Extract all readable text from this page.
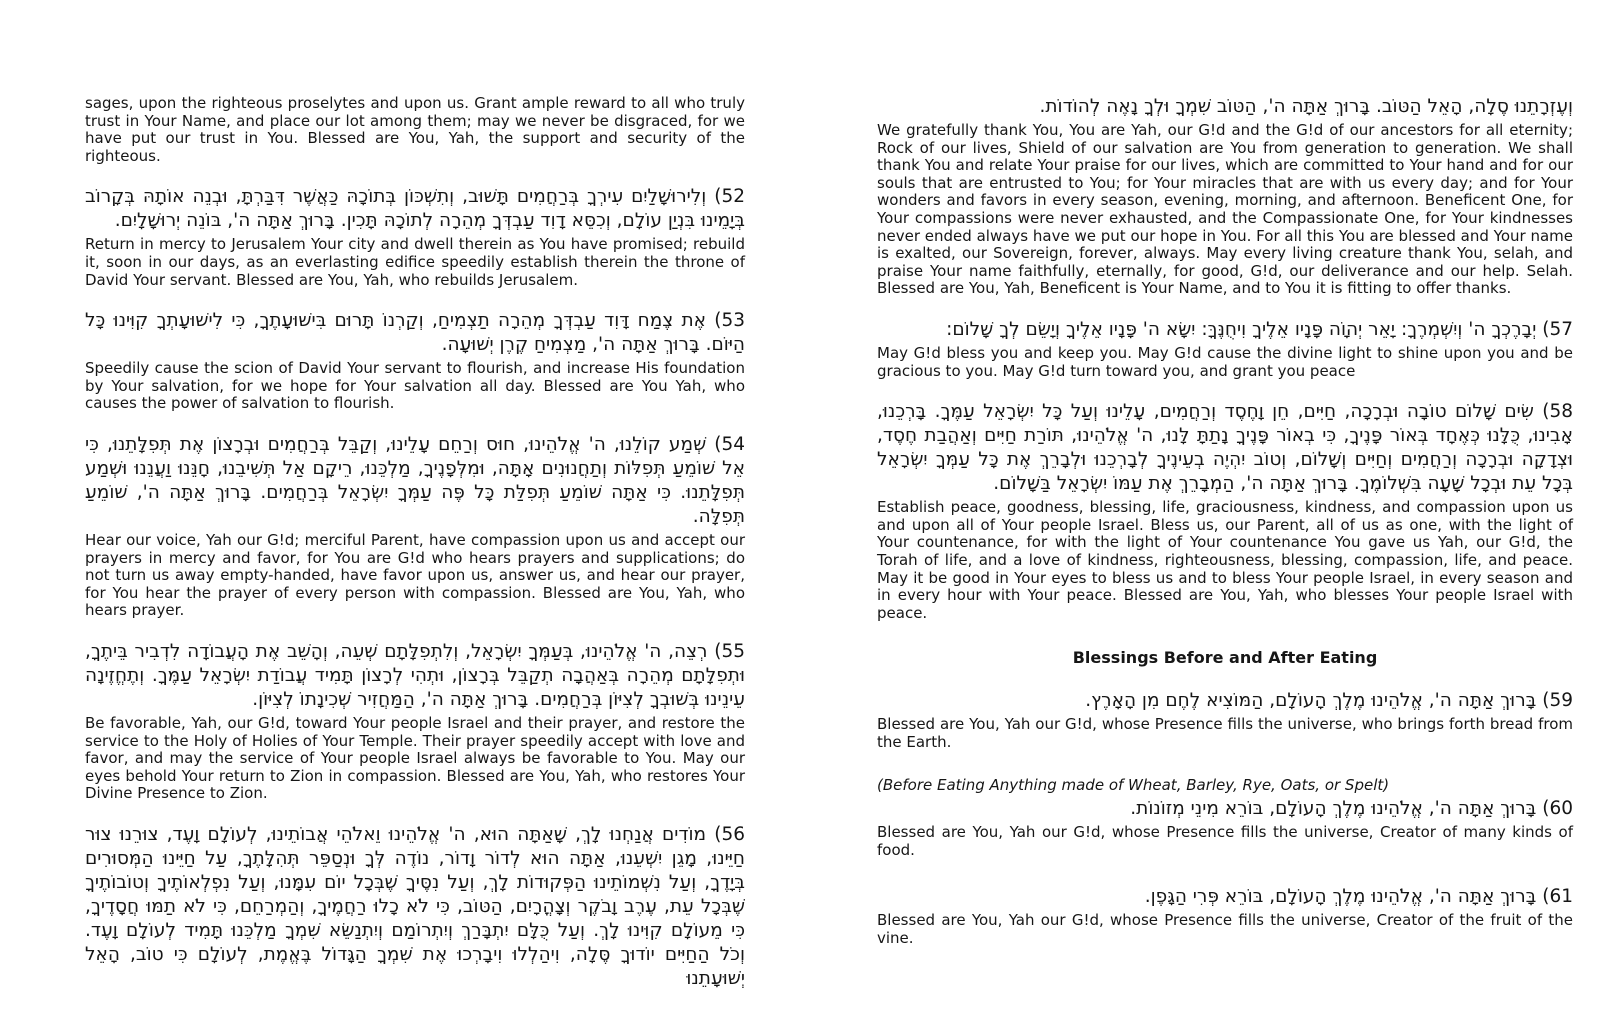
sages, upon the righteous proselytes and upon us. Grant ample reward to all who truly trust in Your Name, and place our lot among them; may we never be disgraced, for we have put our trust in You. Blessed are You, Yah, the support and security of the righteous.

52) וְלִירוּשָׁלַיִם עִירְךָ בְּרַחֲמִים תָּשׁוּב, וְתִשְׁכּוֹן בְּתוֹכָהּ כַּאֲשֶׁר דִּבַּרְתָּ, וּבְנֵה אוֹתָהּ בְּקָרוֹב בְּיָמֵינוּ בִּנְיַן עוֹלָם, וְכִסֵּא דָוִד עַבְדְּךָ מְהֵרָה לְתוֹכָהּ תָּכִין. בָּרוּךְ אַתָּה ה', בּוֹנֵה יְרוּשָׁלָיִם.

Return in mercy to Jerusalem Your city and dwell therein as You have promised; rebuild it, soon in our days, as an everlasting edifice speedily establish therein the throne of David Your servant. Blessed are You, Yah, who rebuilds Jerusalem.

53) אֶת צֶמַח דָּוִד עַבְדְּךָ מְהֵרָה תַצְמִיחַ, וְקַרְנוֹ תָּרוּם בִּישׁוּעָתֶךָ, כִּי לִישׁוּעָתְךָ קִוִּינוּ כָּל הַיּוֹם. בָּרוּךְ אַתָּה ה', מַצְמִיחַ קֶרֶן יְשׁוּעָה.

Speedily cause the scion of David Your servant to flourish, and increase His foundation by Your salvation, for we hope for Your salvation all day. Blessed are You Yah, who causes the power of salvation to flourish.

54) שְׁמַע קוֹלֵנוּ, ה' אֱלֹהֵינוּ, חוּס וְרַחֵם עָלֵינוּ, וְקַבֵּל בְּרַחֲמִים וּבְרָצוֹן אֶת תְּפִלָּתֵנוּ, כִּי אֵל שׁוֹמֵעַ תְּפִלּוֹת וְתַחֲנוּנִים אָתָּה, וּמִלְּפָנֶיךָ, מַלְכֵּנוּ, רֵיקָם אַל תְּשִׁיבֵנוּ, חָנֵּנוּ וַעֲנֵנוּ וּשְׁמַע תְּפִלָּתֵנוּ. כִּי אַתָּה שׁוֹמֵעַ תְּפִלַּת כָּל פֶּה עַמְּךָ יִשְׂרָאֵל בְּרַחֲמִים. בָּרוּךְ אַתָּה ה', שׁוֹמֵעַ תְּפִלָּה.

Hear our voice, Yah our G!d; merciful Parent, have compassion upon us and accept our prayers in mercy and favor, for You are G!d who hears prayers and supplications; do not turn us away empty-handed, have favor upon us, answer us, and hear our prayer, for You hear the prayer of every person with compassion. Blessed are You, Yah, who hears prayer.

55) רְצֵה, ה' אֱלֹהֵינוּ, בְּעַמְּךָ יִשְׂרָאֵל, וְלִתְפִלָּתָם שְׁעֵה, וְהָשֵׁב אֶת הָעֲבוֹדָה לִדְבִיר בֵּיתֶךָ, וּתְפִלָּתָם מְהֵרָה בְּאַהֲבָה תְקַבֵּל בְּרָצוֹן, וּתְהִי לְרָצוֹן תָּמִיד עֲבוֹדַת יִשְׂרָאֵל עַמֶּךָ. וְתֶחֱזֶינָה עֵינֵינוּ בְּשׁוּבְךָ לְצִיּוֹן בְּרַחֲמִים. בָּרוּךְ אַתָּה ה', הַמַּחֲזִיר שְׁכִינָתוֹ לְצִיּוֹן.

Be favorable, Yah, our G!d, toward Your people Israel and their prayer, and restore the service to the Holy of Holies of Your Temple. Their prayer speedily accept with love and favor, and may the service of Your people Israel always be favorable to You. May our eyes behold Your return to Zion in compassion. Blessed are You, Yah, who restores Your Divine Presence to Zion.

56) מוֹדִים אֲנַחְנוּ לָךְ, שָׁאַתָּה הוּא, ה' אֱלֹהֵינוּ וֵאלֹהֵי אֲבוֹתֵינוּ, לְעוֹלָם וָעֶד, צוּרֵנוּ צוּר חַיֵּינוּ, מָגֵן יִשְׁעֵנוּ, אַתָּה הוּא לְדוֹר וָדוֹר, נוֹדֶה לְּךָ וּנְסַפֵּר תְּהִלָּתֶךָ, עַל חַיֵּינוּ הַמְּסוּרִים בְּיָדֶךָ, וְעַל נִשְׁמוֹתֵינוּ הַפְּקוּדוֹת לָךְ, וְעַל נִסֶּיךָ שֶׁבְּכָל יוֹם עִמָּנוּ, וְעַל נִפְלְאוֹתֶיךָ וְטוֹבוֹתֶיךָ שֶׁבְּכָל עֵת, עֶרֶב וָבֹקֶר וְצָהֳרָיִם, הַטּוֹב, כִּי לֹא כָלוּ רַחֲמֶיךָ, וְהַמְרַחֵם, כִּי לֹא תַמּוּ חֲסָדֶיךָ, כִּי מֵעוֹלָם קִוִּינוּ לָךְ. וְעַל כֻּלָּם יִתְבָּרַךְ וְיִתְרוֹמַם וְיִתְנַשֵּׂא שִׁמְךָ מַלְכֵּנוּ תָּמִיד לְעוֹלָם וָעֶד. וְכֹל הַחַיִּים יוֹדוּךָ סֶּלָה, וִיהַלְלוּ וִיבָרְכוּ אֶת שִׁמְךָ הַגָּדוֹל בֶּאֱמֶת, לְעוֹלָם כִּי טוֹב, הָאֵל יְשׁוּעָתֵנוּ

וְעֶזְרָתֵנוּ סֶלָה, הָאֵל הַטּוֹב. בָּרוּךְ אַתָּה ה', הַטּוֹב שִׁמְךָ וּלְךָ נָאֶה לְהוֹדוֹת.

We gratefully thank You, You are Yah, our G!d and the G!d of our ancestors for all eternity; Rock of our lives, Shield of our salvation are You from generation to generation. We shall thank You and relate Your praise for our lives, which are committed to Your hand and for our souls that are entrusted to You; for Your miracles that are with us every day; and for Your wonders and favors in every season, evening, morning, and afternoon. Beneficent One, for Your compassions were never exhausted, and the Compassionate One, for Your kindnesses never ended always have we put our hope in You. For all this You are blessed and Your name is exalted, our Sovereign, forever, always. May every living creature thank You, selah, and praise Your name faithfully, eternally, for good, G!d, our deliverance and our help. Selah. Blessed are You, Yah, Beneficent is Your Name, and to You it is fitting to offer thanks.

57) יְבָרֶכְךָ ה' וְיִשְׁמְרֶךָ: יָאֵר יְהוָֹה פָּנָיו אֵלֶיךָ וִיחֻנֶּךָּ: יִשָּׂא ה' פָּנָיו אֵלֶיךָ וְיָשֵׂם לְךָ שָׁלוֹם:

May G!d bless you and keep you. May G!d cause the divine light to shine upon you and be gracious to you. May G!d turn toward you, and grant you peace

58) שִׂים שָׁלוֹם טוֹבָה וּבְרָכָה, חַיִּים, חֵן וָחֶסֶד וְרַחֲמִים, עָלֵינוּ וְעַל כָּל יִשְׂרָאֵל עַמֶּךָ. בָּרְכֵנוּ, אָבִינוּ, כֻּלָּנוּ כְּאֶחָד בְּאוֹר פָּנֶיךָ, כִּי בְאוֹר פָּנֶיךָ נָתַתָּ לָּנוּ, ה' אֱלֹהֵינוּ, תּוֹרַת חַיִּים וְאַהֲבַת חֶסֶד, וּצְדָקָה וּבְרָכָה וְרַחֲמִים וְחַיִּים וְשָׁלוֹם, וְטוֹב יִהְיֶה בְעֵינֶיךָ לְבָרְכֵנוּ וּלְבָרֵךְ אֶת כָּל עַמְּךָ יִשְׂרָאֵל בְּכָל עֵת וּבְכָל שָׁעָה בִּשְׁלוֹמֶךָ. בָּרוּךְ אַתָּה ה', הַמְבָרֵךְ אֶת עַמּוֹ יִשְׂרָאֵל בַּשָּׁלוֹם.

Establish peace, goodness, blessing, life, graciousness, kindness, and compassion upon us and upon all of Your people Israel. Bless us, our Parent, all of us as one, with the light of Your countenance, for with the light of Your countenance You gave us Yah, our G!d, the Torah of life, and a love of kindness, righteousness, blessing, compassion, life, and peace. May it be good in Your eyes to bless us and to bless Your people Israel, in every season and in every hour with Your peace. Blessed are You, Yah, who blesses Your people Israel with peace.

Blessings Before and After Eating

59) בָּרוּךְ אַתָּה ה', אֱלֹהֵינוּ מֶלֶךְ הָעוֹלָם, הַמּוֹצִיא לֶחֶם מִן הָאָרֶץ.

Blessed are You, Yah our G!d, whose Presence fills the universe, who brings forth bread from the Earth.

(Before Eating Anything made of Wheat, Barley, Rye, Oats, or Spelt)

60) בָּרוּךְ אַתָּה ה', אֱלֹהֵינוּ מֶלֶךְ הָעוֹלָם, בּוֹרֵא מִינֵי מְזוֹנוֹת.

Blessed are You, Yah our G!d, whose Presence fills the universe, Creator of many kinds of food.

61) בָּרוּךְ אַתָּה ה', אֱלֹהֵינוּ מֶלֶךְ הָעוֹלָם, בּוֹרֵא פְּרִי הַגָּפֶן.

Blessed are You, Yah our G!d, whose Presence fills the universe, Creator of the fruit of the vine.
